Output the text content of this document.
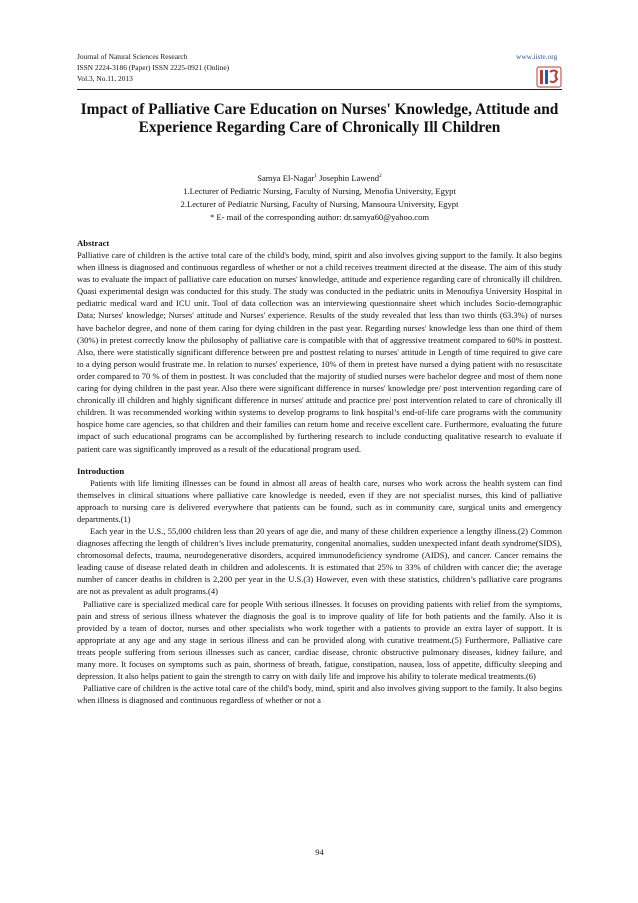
Journal of Natural Sciences Research
ISSN 2224-3186 (Paper) ISSN 2225-0921 (Online)
Vol.3, No.11, 2013
www.iiste.org
Impact of Palliative Care Education on Nurses' Knowledge, Attitude and Experience Regarding Care of Chronically Ill Children
Samya El-Nagar$^1$ Josephin Lawend$^2$
1.Lecturer of Pediatric Nursing, Faculty of Nursing, Menofia University, Egypt
2.Lecturer of Pediatric Nursing, Faculty of Nursing, Mansoura University, Egypt
* E- mail of the corresponding author: dr.samya60@yahoo.com
Abstract

Palliative care of children is the active total care of the child's body, mind, spirit and also involves giving support to the family. It also begins when illness is diagnosed and continuous regardless of whether or not a child receives treatment directed at the disease. The aim of this study was to evaluate the impact of palliative care education on nurses' knowledge, attitude and experience regarding care of chronically ill children. Quasi experimental design was conducted for this study. The study was conducted in the pediatric units in Menoufiya University Hospital in pediatric medical ward and ICU unit. Tool of data collection was an interviewing questionnaire sheet which includes Socio-demographic Data; Nurses' knowledge; Nurses' attitude and Nurses' experience. Results of the study revealed that less than two thirds (63.3%) of nurses have bachelor degree, and none of them caring for dying children in the past year. Regarding nurses' knowledge less than one third of them (30%) in pretest correctly know the philosophy of palliative care is compatible with that of aggressive treatment compared to 60% in posttest. Also, there were statistically significant difference between pre and posttest relating to nurses' attitude in Length of time required to give care to a dying person would frustrate me. In relation to nurses' experience, 10% of them in pretest have nursed a dying patient with no resuscitate order compared to 70 % of them in posttest. It was concluded that the majority of studied nurses were bachelor degree and most of them none caring for dying children in the past year. Also there were significant difference in nurses' knowledge pre/ post intervention regarding care of chronically ill children and highly significant difference in nurses' attitude and practice pre/ post intervention related to care of chronically ill children. It was recommended working within systems to develop programs to link hospital’s end-of-life care programs with the community hospice home care agencies, so that children and their families can return home and receive excellent care. Furthermore, evaluating the future impact of such educational programs can be accomplished by furthering research to include conducting qualitative research to evaluate if patient care was significantly improved as a result of the educational program used.

Introduction

Patients with life limiting illnesses can be found in almost all areas of health care, nurses who work across the health system can find themselves in clinical situations where palliative care knowledge is needed, even if they are not specialist nurses, this kind of palliative approach to nursing care is delivered everywhere that patients can be found, such as in community care, surgical units and emergency departments.(1)

Each year in the U.S., 55,000 children less than 20 years of age die, and many of these children experience a lengthy illness.(2) Common diagnoses affecting the length of children’s lives include prematurity, congenital anomalies, sudden unexpected infant death syndrome(SIDS), chromosomal defects, trauma, neurodegenerative disorders, acquired immunodeficiency syndrome (AIDS), and cancer. Cancer remains the leading cause of disease related death in children and adolescents. It is estimated that 25% to 33% of children with cancer die; the average number of cancer deaths in children is 2,200 per year in the U.S.(3) However, even with these statistics, children’s palliative care programs are not as prevalent as adult programs.(4)

Palliative care is specialized medical care for people With serious illnesses. It focuses on providing patients with relief from the symptoms, pain and stress of serious illness whatever the diagnosis the goal is to improve quality of life for both patients and the family. Also it is provided by a team of doctor, nurses and other specialists who work together with a patients to provide an extra layer of support. It is appropriate at any age and any stage in serious illness and can be provided along with curative treatment.(5) Furthermore, Palliative care treats people suffering from serious illnesses such as cancer, cardiac disease, chronic obstructive pulmonary diseases, kidney failure, and many more. It focuses on symptoms such as pain, shortness of breath, fatigue, constipation, nausea, loss of appetite, difficulty sleeping and depression. It also helps patient to gain the strength to carry on with daily life and improve his ability to tolerate medical treatments.(6)

Palliative care of children is the active total care of the child's body, mind, spirit and also involves giving support to the family. It also begins when illness is diagnosed and continuous regardless of whether or not a

94
